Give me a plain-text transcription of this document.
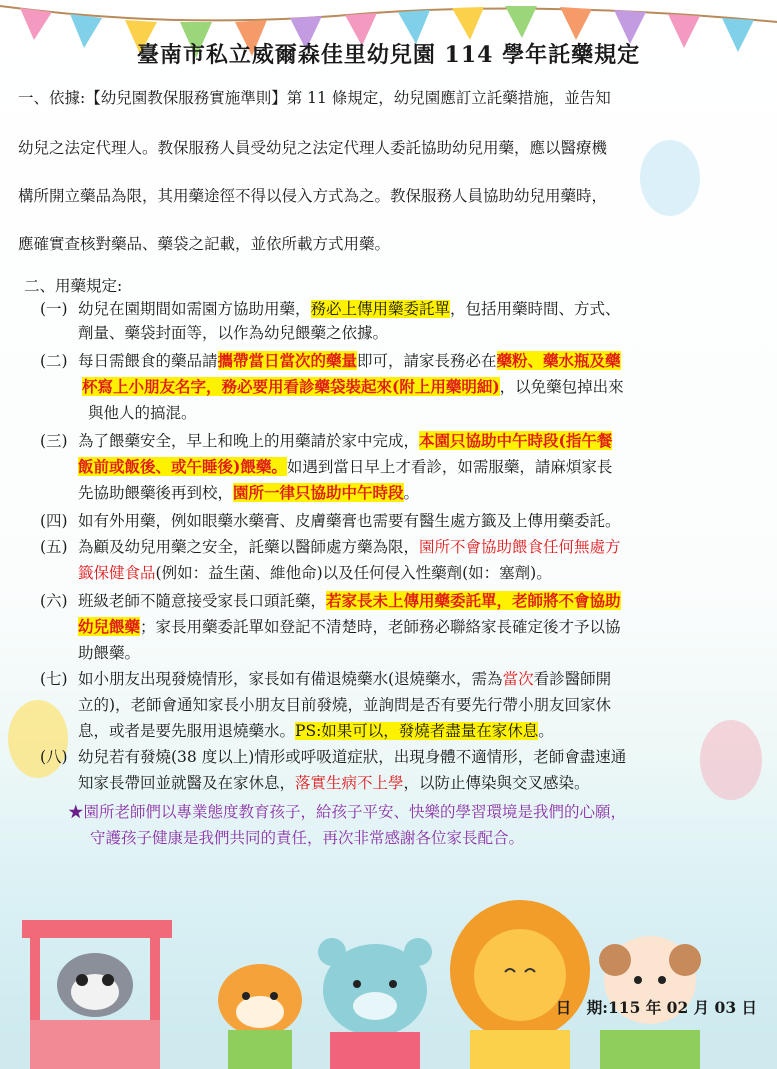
臺南市私立威爾森佳里幼兒園 114 學年託藥規定
一、依據:【幼兒園教保服務實施準則】第 11 條規定，幼兒園應訂立託藥措施，並告知
幼兒之法定代理人。教保服務人員受幼兒之法定代理人委託協助幼兒用藥，應以醫療機
構所開立藥品為限，其用藥途徑不得以侵入方式為之。教保服務人員協助幼兒用藥時，
應確實查核對藥品、藥袋之記載，並依所載方式用藥。
二、用藥規定:
(一) 幼兒在園期間如需園方協助用藥，務必上傳用藥委託單，包括用藥時間、方式、
劑量、藥袋封面等，以作為幼兒餵藥之依據。
(二) 每日需餵食的藥品請攜帶當日當次的藥量即可，請家長務必在藥粉、藥水瓶及藥
杯寫上小朋友名字，務必要用看診藥袋裝起來(附上用藥明細)，以免藥包掉出來
與他人的搞混。
(三) 為了餵藥安全，早上和晚上的用藥請於家中完成，本園只協助中午時段(指午餐
飯前或飯後、或午睡後)餵藥。如遇到當日早上才看診，如需服藥，請麻煩家長
先協助餵藥後再到校，園所一律只協助中午時段。
(四) 如有外用藥，例如眼藥水藥膏、皮膚藥膏也需要有醫生處方籤及上傳用藥委託。
(五) 為顧及幼兒用藥之安全，託藥以醫師處方藥為限，園所不會協助餵食任何無處方
籤保健食品(例如：益生菌、維他命)以及任何侵入性藥劑(如：塞劑)。
(六) 班級老師不隨意接受家長口頭託藥，若家長未上傳用藥委託單，老師將不會協助
幼兒餵藥；家長用藥委託單如登記不清楚時，老師務必聯絡家長確定後才予以協
助餵藥。
(七) 如小朋友出現發燒情形，家長如有備退燒藥水(退燒藥水，需為當次看診醫師開
立的)，老師會通知家長小朋友目前發燒，並詢問是否有要先行帶小朋友回家休
息，或者是要先服用退燒藥水。PS:如果可以，發燒者盡量在家休息。
(八) 幼兒若有發燒(38 度以上)情形或呼吸道症狀，出現身體不適情形，老師會盡速通
知家長帶回並就醫及在家休息，落實生病不上學，以防止傳染與交叉感染。
★園所老師們以專業態度教育孩子，給孩子平安、快樂的學習環境是我們的心願，
守護孩子健康是我們共同的責任，再次非常感謝各位家長配合。
日　期:115 年 02 月 03 日
